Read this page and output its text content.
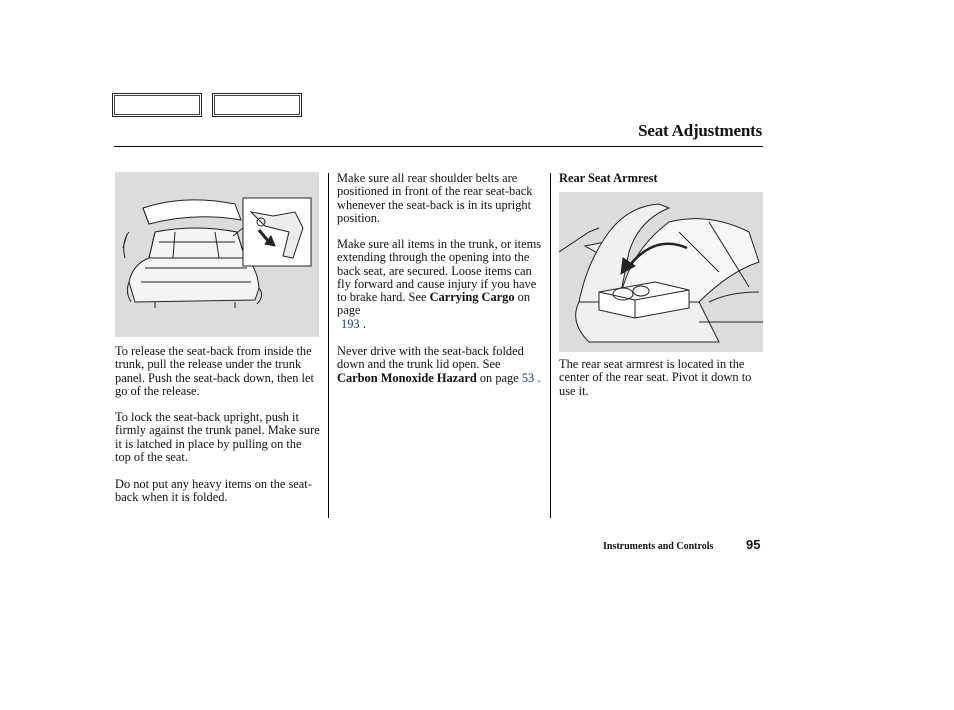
Seat Adjustments

To release the seat-back from inside the trunk, pull the release under the trunk panel. Push the seat-back down, then let go of the release.

To lock the seat-back upright, push it firmly against the trunk panel. Make sure it is latched in place by pulling on the top of the seat.

Do not put any heavy items on the seat-back when it is folded.

Make sure all rear shoulder belts are positioned in front of the rear seat-back whenever the seat-back is in its upright position.

Make sure all items in the trunk, or items extending through the opening into the back seat, are secured. Loose items can fly forward and cause injury if you have to brake hard. See Carrying Cargo on page
193 .

Never drive with the seat-back folded down and the trunk lid open. See Carbon Monoxide Hazard on page 53 .

Rear Seat Armrest

The rear seat armrest is located in the center of the rear seat. Pivot it down to use it.

Instruments and Controls	95
